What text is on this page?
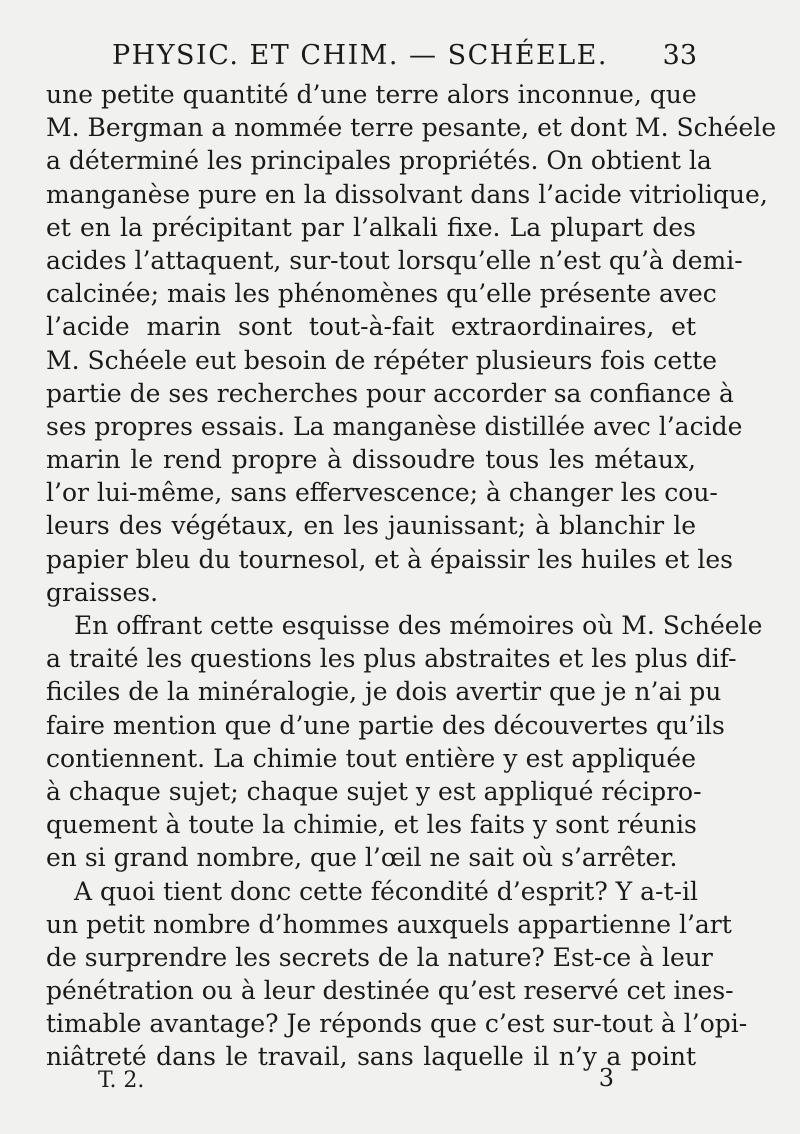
PHYSIC. ET CHIM. — SCHÉELE. 33
une petite quantité d’une terre alors inconnue, que
M. Bergman a nommée terre pesante, et dont M. Schéele
a déterminé les principales propriétés. On obtient la
manganèse pure en la dissolvant dans l’acide vitriolique,
et en la précipitant par l’alkali fixe. La plupart des
acides l’attaquent, sur-tout lorsqu’elle n’est qu’à demi-
calcinée; mais les phénomènes qu’elle présente avec
l’acide marin sont tout-à-fait extraordinaires, et
M. Schéele eut besoin de répéter plusieurs fois cette
partie de ses recherches pour accorder sa confiance à
ses propres essais. La manganèse distillée avec l’acide
marin le rend propre à dissoudre tous les métaux,
l’or lui-même, sans effervescence; à changer les cou-
leurs des végétaux, en les jaunissant; à blanchir le
papier bleu du tournesol, et à épaissir les huiles et les
graisses.
En offrant cette esquisse des mémoires où M. Schéele
a traité les questions les plus abstraites et les plus dif-
ficiles de la minéralogie, je dois avertir que je n’ai pu
faire mention que d’une partie des découvertes qu’ils
contiennent. La chimie tout entière y est appliquée
à chaque sujet; chaque sujet y est appliqué récipro-
quement à toute la chimie, et les faits y sont réunis
en si grand nombre, que l’œil ne sait où s’arrêter.
A quoi tient donc cette fécondité d’esprit? Y a-t-il
un petit nombre d’hommes auxquels appartienne l’art
de surprendre les secrets de la nature? Est-ce à leur
pénétration ou à leur destinée qu’est reservé cet ines-
timable avantage? Je réponds que c’est sur-tout à l’opi-
niâtreté dans le travail, sans laquelle il n’y a point
T. 2.	3
